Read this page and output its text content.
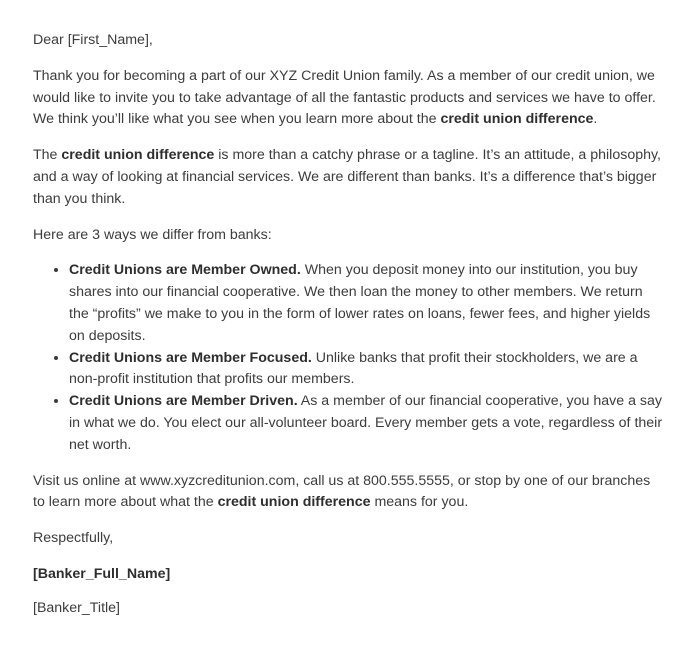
Dear [First_Name],

Thank you for becoming a part of our XYZ Credit Union family. As a member of our credit union, we would like to invite you to take advantage of all the fantastic products and services we have to offer. We think you’ll like what you see when you learn more about the credit union difference.

The credit union difference is more than a catchy phrase or a tagline. It’s an attitude, a philosophy, and a way of looking at financial services. We are different than banks. It’s a difference that’s bigger than you think.

Here are 3 ways we differ from banks:

• Credit Unions are Member Owned. When you deposit money into our institution, you buy shares into our financial cooperative. We then loan the money to other members. We return the “profits” we make to you in the form of lower rates on loans, fewer fees, and higher yields on deposits.
• Credit Unions are Member Focused. Unlike banks that profit their stockholders, we are a non-profit institution that profits our members.
• Credit Unions are Member Driven. As a member of our financial cooperative, you have a say in what we do. You elect our all-volunteer board. Every member gets a vote, regardless of their net worth.

Visit us online at www.xyzcreditunion.com, call us at 800.555.5555, or stop by one of our branches to learn more about what the credit union difference means for you.

Respectfully,

[Banker_Full_Name]

[Banker_Title]
